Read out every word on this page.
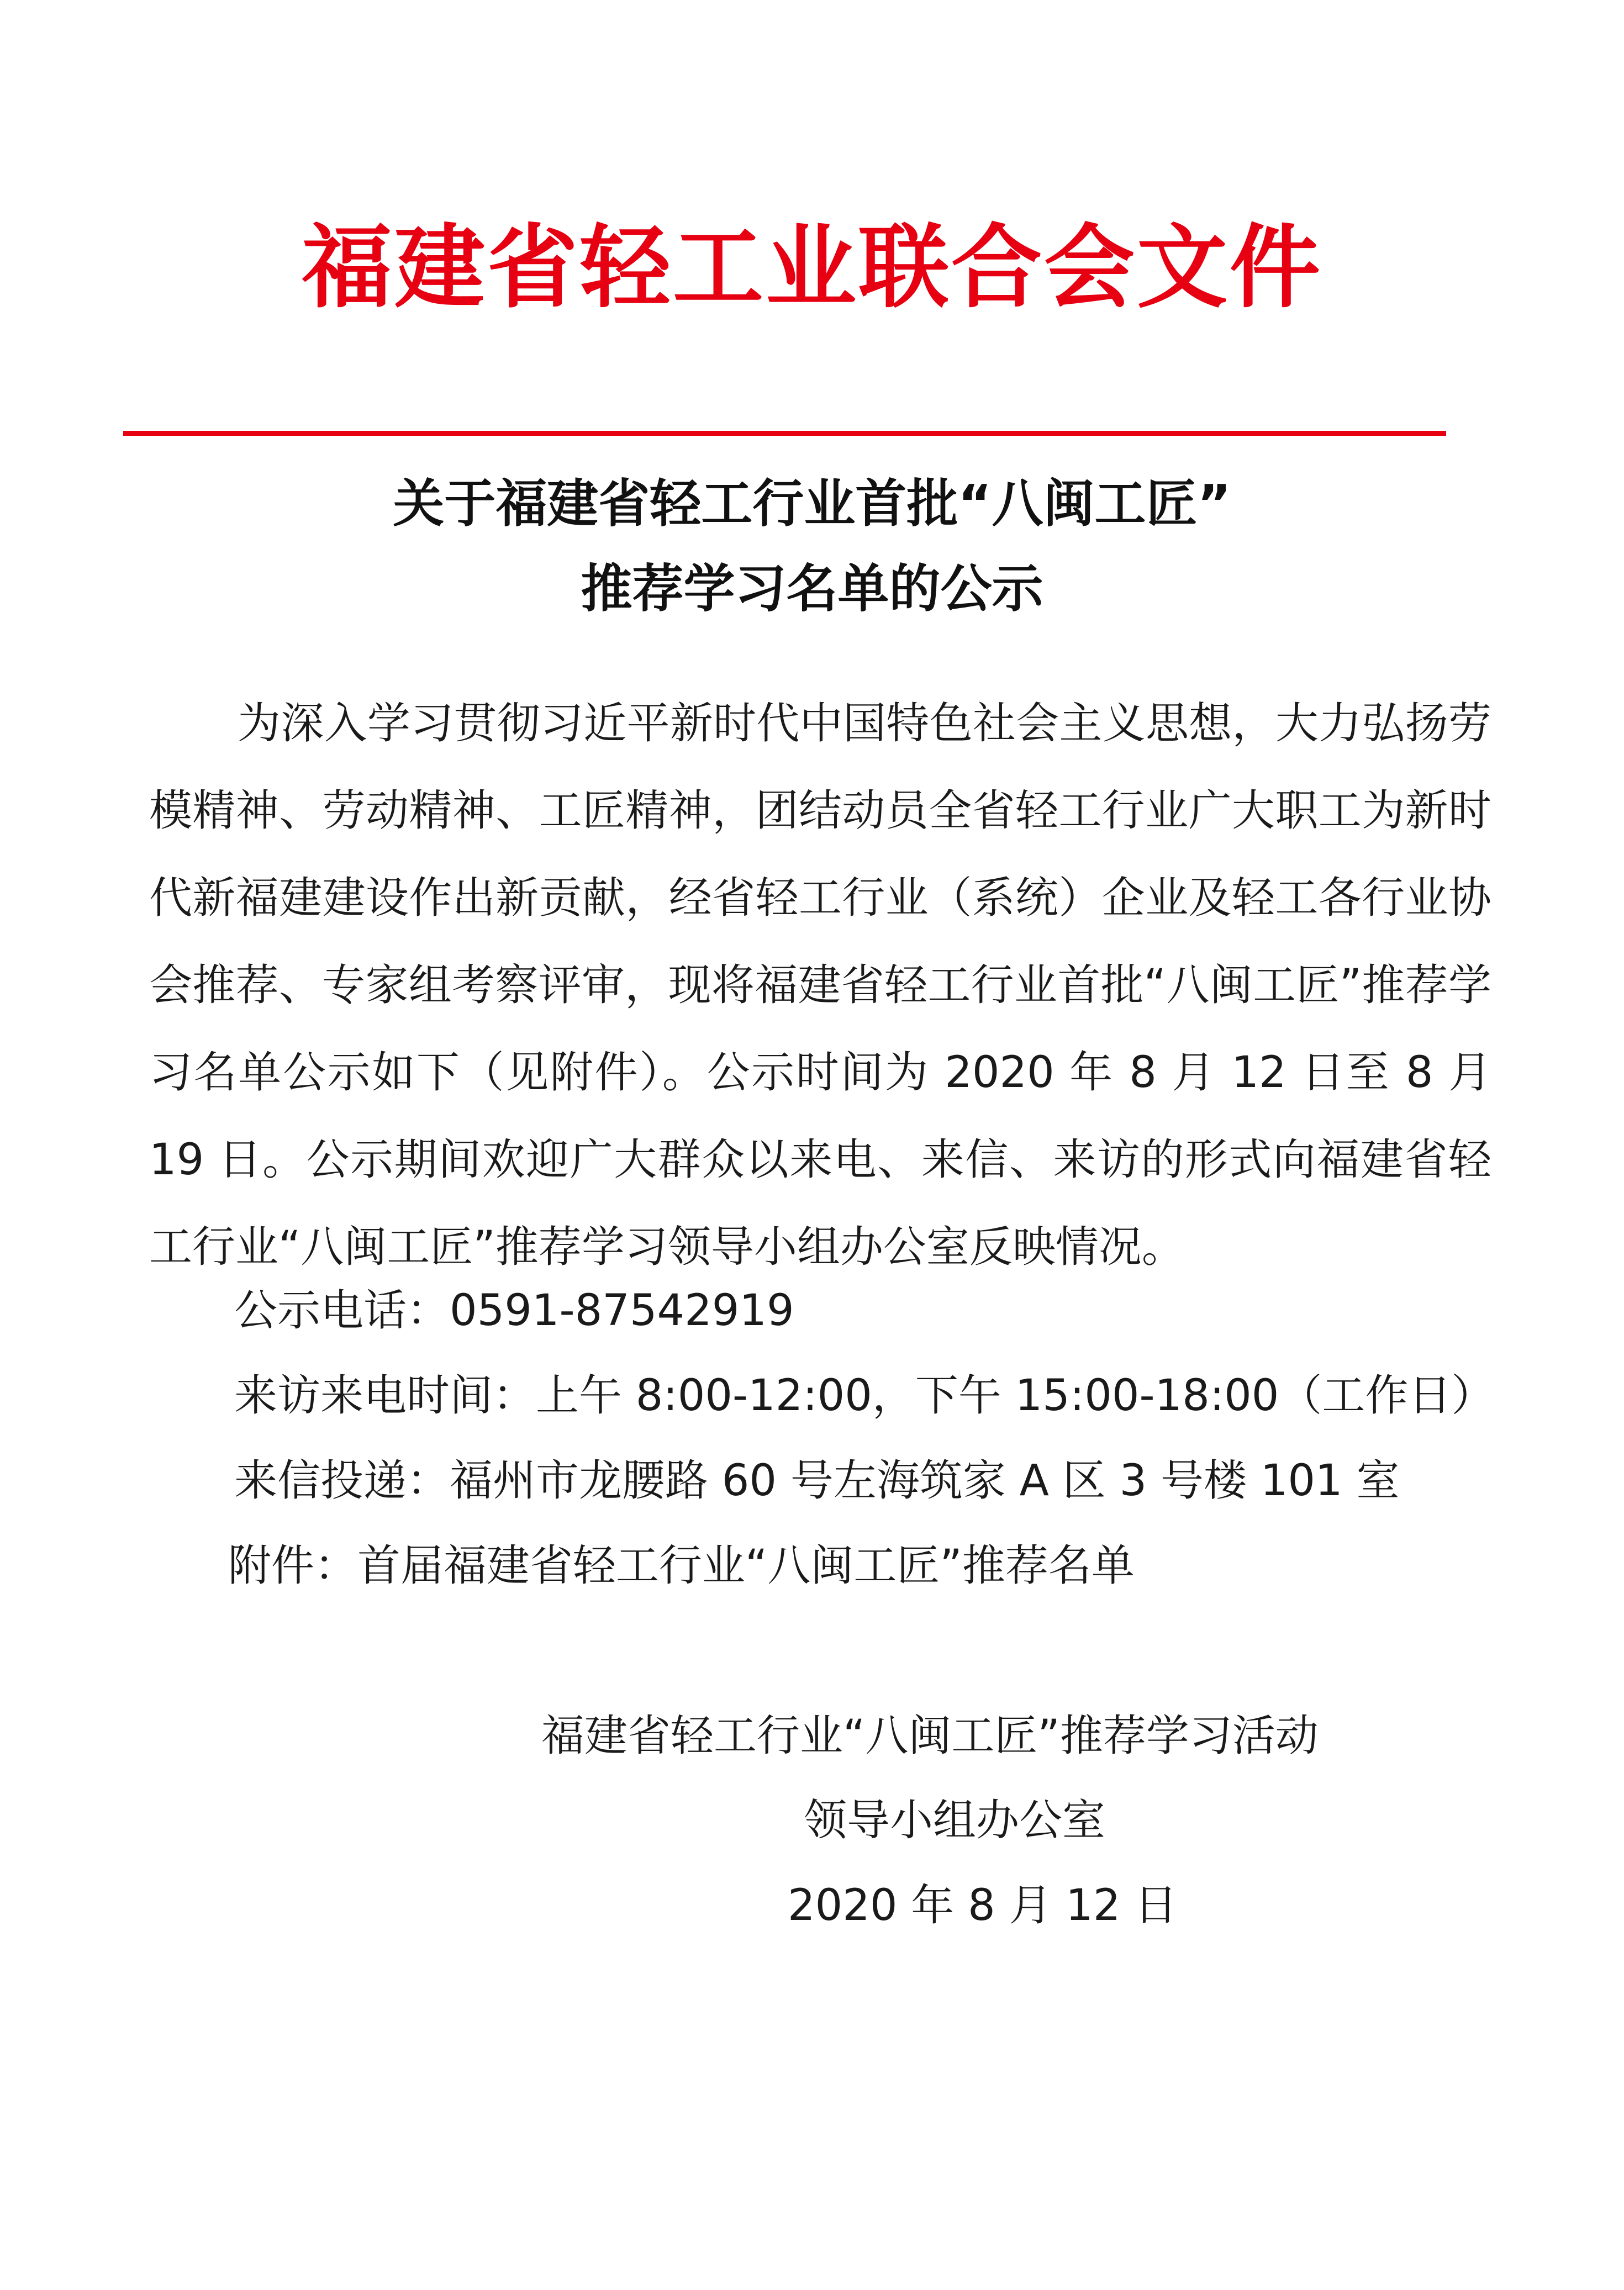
福建省轻工业联合会文件
关于福建省轻工行业首批“八闽工匠”
推荐学习名单的公示

为深入学习贯彻习近平新时代中国特色社会主义思想，大力弘扬劳模精神、劳动精神、工匠精神，团结动员全省轻工行业广大职工为新时代新福建建设作出新贡献，经省轻工行业（系统）企业及轻工各行业协会推荐、专家组考察评审，现将福建省轻工行业首批“八闽工匠”推荐学习名单公示如下（见附件）。公示时间为 2020 年 8 月 12 日至 8 月 19 日。公示期间欢迎广大群众以来电、来信、来访的形式向福建省轻工行业“八闽工匠”推荐学习领导小组办公室反映情况。

公示电话：0591-87542919

来访来电时间：上午 8:00-12:00，下午 15:00-18:00（工作日）

来信投递：福州市龙腰路 60 号左海筑家 A 区 3 号楼 101 室

附件：首届福建省轻工行业“八闽工匠”推荐名单

福建省轻工行业“八闽工匠”推荐学习活动

领导小组办公室

2020 年 8 月 12 日
